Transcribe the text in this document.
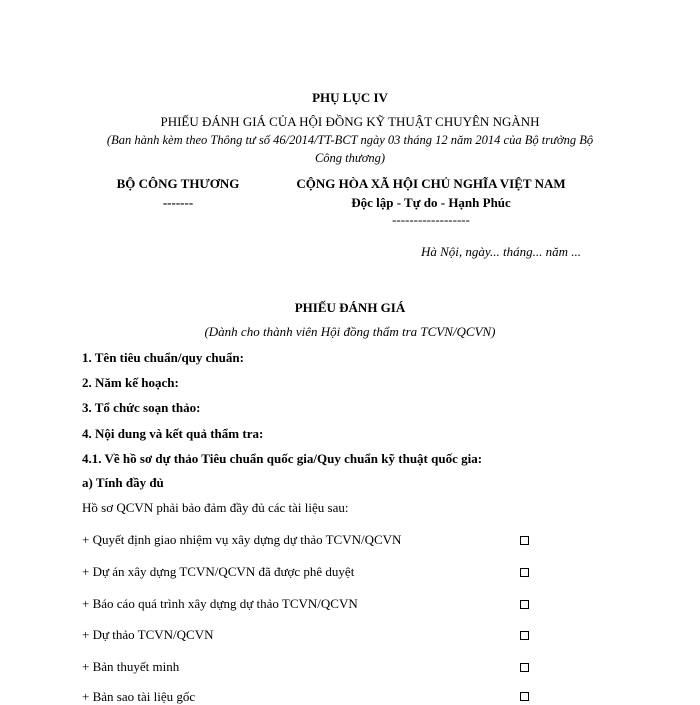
PHỤ LỤC IV
PHIẾU ĐÁNH GIÁ CỦA HỘI ĐỒNG KỸ THUẬT CHUYÊN NGÀNH
(Ban hành kèm theo Thông tư số 46/2014/TT-BCT ngày 03 tháng 12 năm 2014 của Bộ trưởng Bộ
Công thương)
BỘ CÔNG THƯƠNG
-------
CỘNG HÒA XÃ HỘI CHỦ NGHĨA VIỆT NAM
Độc lập - Tự do - Hạnh Phúc
------------------
Hà Nội, ngày... tháng... năm ...
PHIẾU ĐÁNH GIÁ
(Dành cho thành viên Hội đồng thẩm tra TCVN/QCVN)
1. Tên tiêu chuẩn/quy chuẩn:
2. Năm kế hoạch:
3. Tổ chức soạn thảo:
4. Nội dung và kết quả thẩm tra:
4.1. Về hồ sơ dự thảo Tiêu chuẩn quốc gia/Quy chuẩn kỹ thuật quốc gia:
a) Tính đầy đủ
Hồ sơ QCVN phải bảo đảm đầy đủ các tài liệu sau:
+ Quyết định giao nhiệm vụ xây dựng dự thảo TCVN/QCVN
+ Dự án xây dựng TCVN/QCVN đã được phê duyệt
+ Báo cáo quá trình xây dựng dự thảo TCVN/QCVN
+ Dự thảo TCVN/QCVN
+ Bản thuyết minh
+ Bản sao tài liệu gốc
